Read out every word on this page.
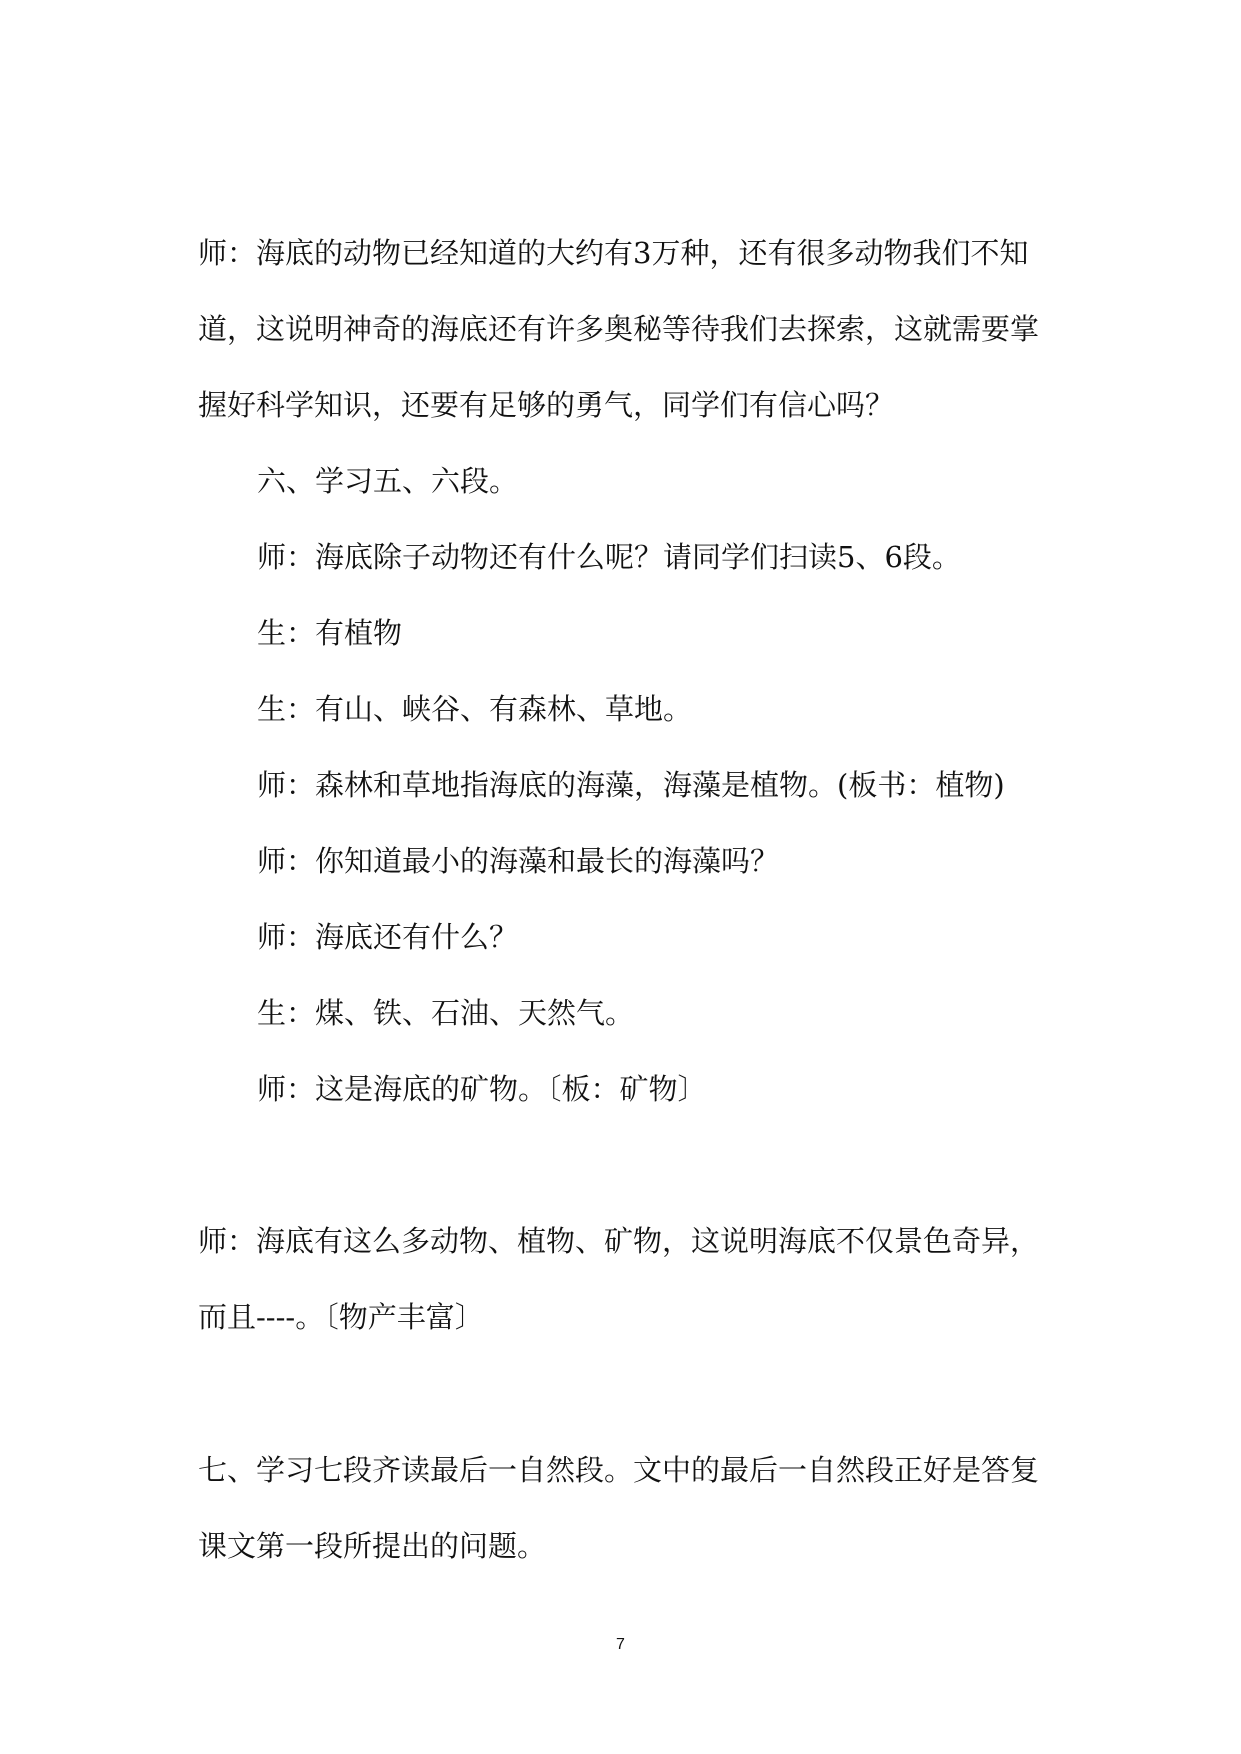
师：海底的动物已经知道的大约有3万种，还有很多动物我们不知
道，这说明神奇的海底还有许多奥秘等待我们去探索，这就需要掌
握好科学知识，还要有足够的勇气，同学们有信心吗？
六、学习五、六段。
师：海底除子动物还有什么呢？请同学们扫读5、6段。
生：有植物
生：有山、峡谷、有森林、草地。
师：森林和草地指海底的海藻，海藻是植物。(板书：植物)
师：你知道最小的海藻和最长的海藻吗？
师：海底还有什么？
生：煤、铁、石油、天然气。
师：这是海底的矿物。〔板：矿物〕
师：海底有这么多动物、植物、矿物，这说明海底不仅景色奇异，
而且----。〔物产丰富〕
七、学习七段齐读最后一自然段。文中的最后一自然段正好是答复
课文第一段所提出的问题。
7
